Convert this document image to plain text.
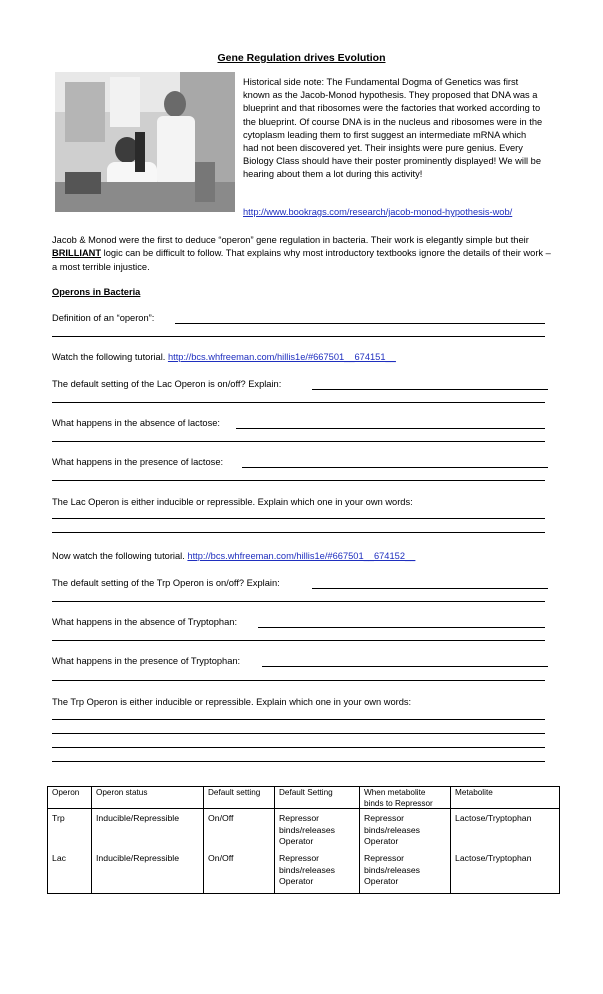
Gene Regulation drives Evolution

Historical side note: The Fundamental Dogma of Genetics was first known as the Jacob-Monod hypothesis. They proposed that DNA was a blueprint and that ribosomes were the factories that worked according to the blueprint. Of course DNA is in the nucleus and ribosomes were in the cytoplasm leading them to first suggest an intermediate mRNA which had not been discovered yet. Their insights were pure genius. Every Biology Class should have their poster prominently displayed! We will be hearing about them a lot during this activity!

http://www.bookrags.com/research/jacob-monod-hypothesis-wob/

Jacob & Monod were the first to deduce “operon” gene regulation in bacteria. Their work is elegantly simple but their BRILLIANT logic can be difficult to follow. That explains why most introductory textbooks ignore the details of their work – a most terrible injustice.

Operons in Bacteria
Definition of an “operon”:
Watch the following tutorial. http://bcs.whfreeman.com/hillis1e/#667501__674151__
The default setting of the Lac Operon is on/off? Explain:
What happens in the absence of lactose:
What happens in the presence of lactose:
The Lac Operon is either inducible or repressible. Explain which one in your own words:
Now watch the following tutorial. http://bcs.whfreeman.com/hillis1e/#667501__674152__
The default setting of the Trp Operon is on/off? Explain:
What happens in the absence of Tryptophan:
What happens in the presence of Tryptophan:
The Trp Operon is either inducible or repressible. Explain which one in your own words:
Operon	Operon status	Default setting	Default Setting	When metabolite binds to Repressor	Metabolite
Trp	Inducible/Repressible	On/Off	Repressor binds/releases Operator	Repressor binds/releases Operator	Lactose/Tryptophan
Lac	Inducible/Repressible	On/Off	Repressor binds/releases Operator	Repressor binds/releases Operator	Lactose/Tryptophan
